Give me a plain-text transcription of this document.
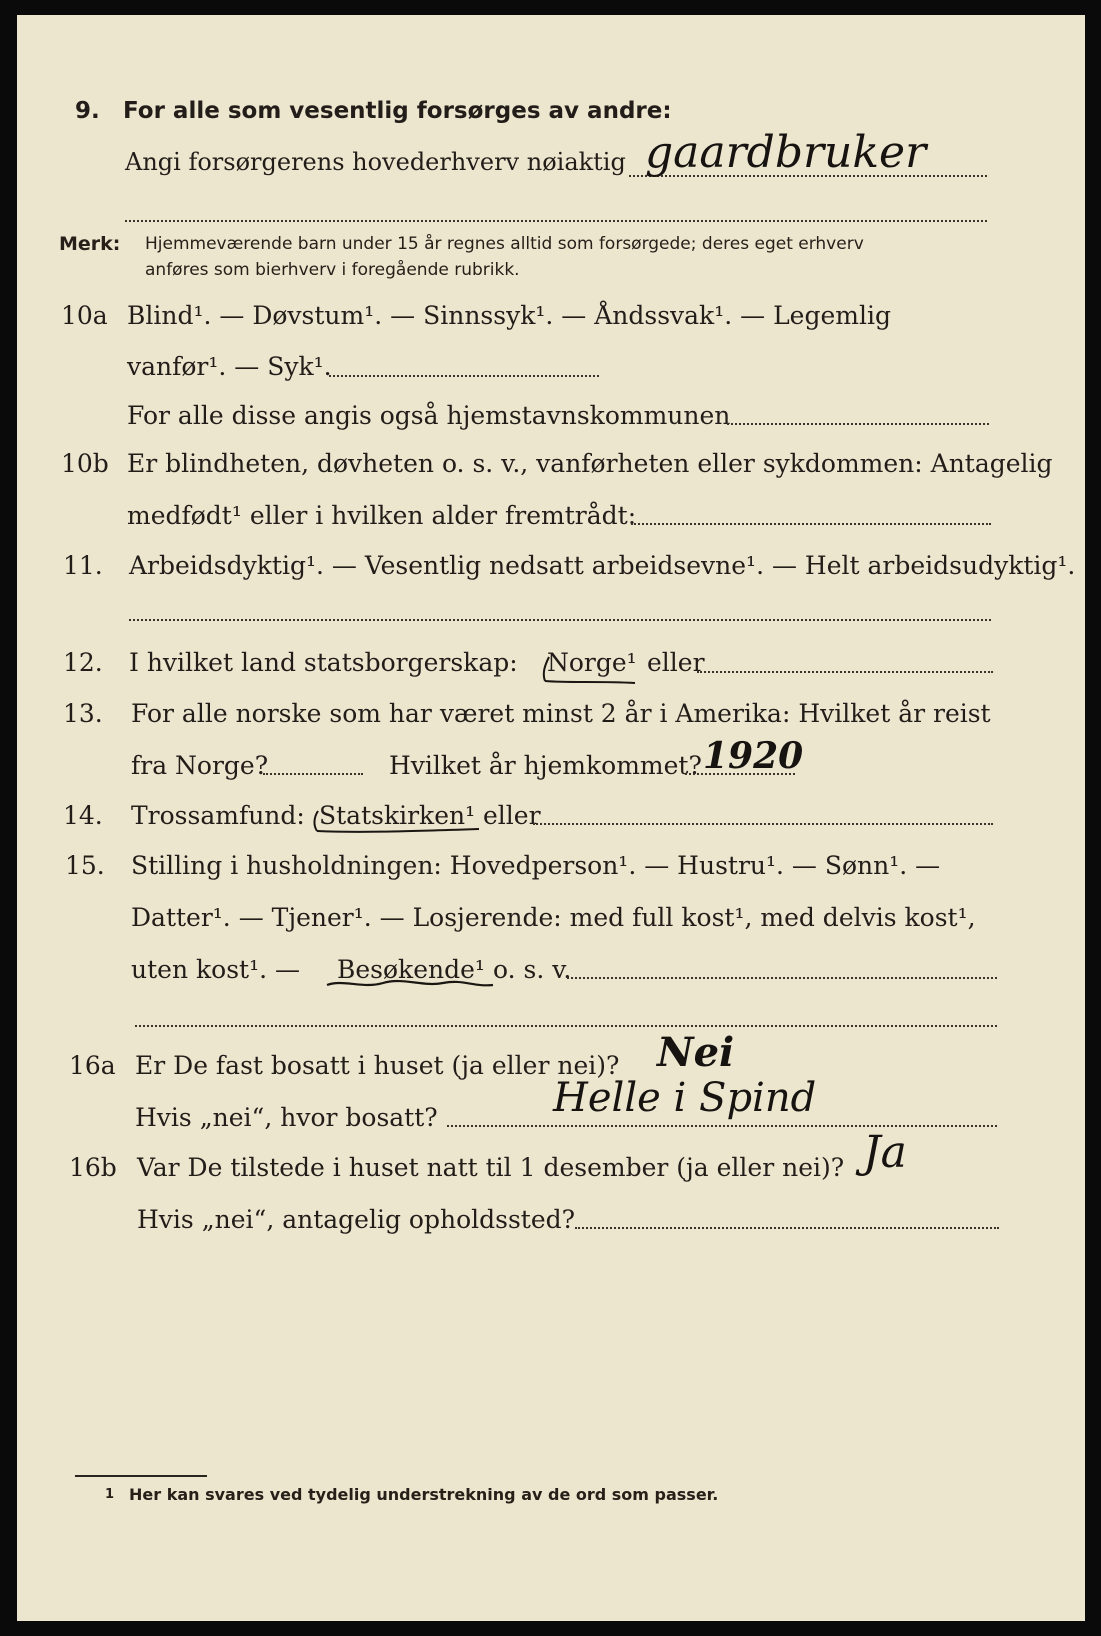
9. For alle som vesentlig forsørges av andre:
Angi forsørgerens hovederhverv nøiaktig gaardbruker
Merk: Hjemmeværende barn under 15 år regnes alltid som forsørgede; deres eget erhverv
anføres som bierhverv i foregående rubrikk.
10a Blind¹. — Døvstum¹. — Sinnssyk¹. — Åndssvak¹. — Legemlig
vanfør¹. — Syk¹.
For alle disse angis også hjemstavnskommunen
10b Er blindheten, døvheten o. s. v., vanførheten eller sykdommen: Antagelig
medfødt¹ eller i hvilken alder fremtrådt:
11. Arbeidsdyktig¹. — Vesentlig nedsatt arbeidsevne¹. — Helt arbeidsudyktig¹.
12. I hvilket land statsborgerskap: Norge¹ eller
13. For alle norske som har været minst 2 år i Amerika: Hvilket år reist
fra Norge?	Hvilket år hjemkommet? 1920
14. Trossamfund: Statskirken¹ eller
15. Stilling i husholdningen: Hovedperson¹. — Hustru¹. — Sønn¹. —
Datter¹. — Tjener¹. — Losjerende: med full kost¹, med delvis kost¹,
uten kost¹. — Besøkende¹ o. s. v.
16a Er De fast bosatt i huset (ja eller nei)? Nei
Hvis „nei“, hvor bosatt?	Helle i Spind
16b Var De tilstede i huset natt til 1 desember (ja eller nei)? Ja
Hvis „nei“, antagelig opholdssted?
1 Her kan svares ved tydelig understrekning av de ord som passer.
